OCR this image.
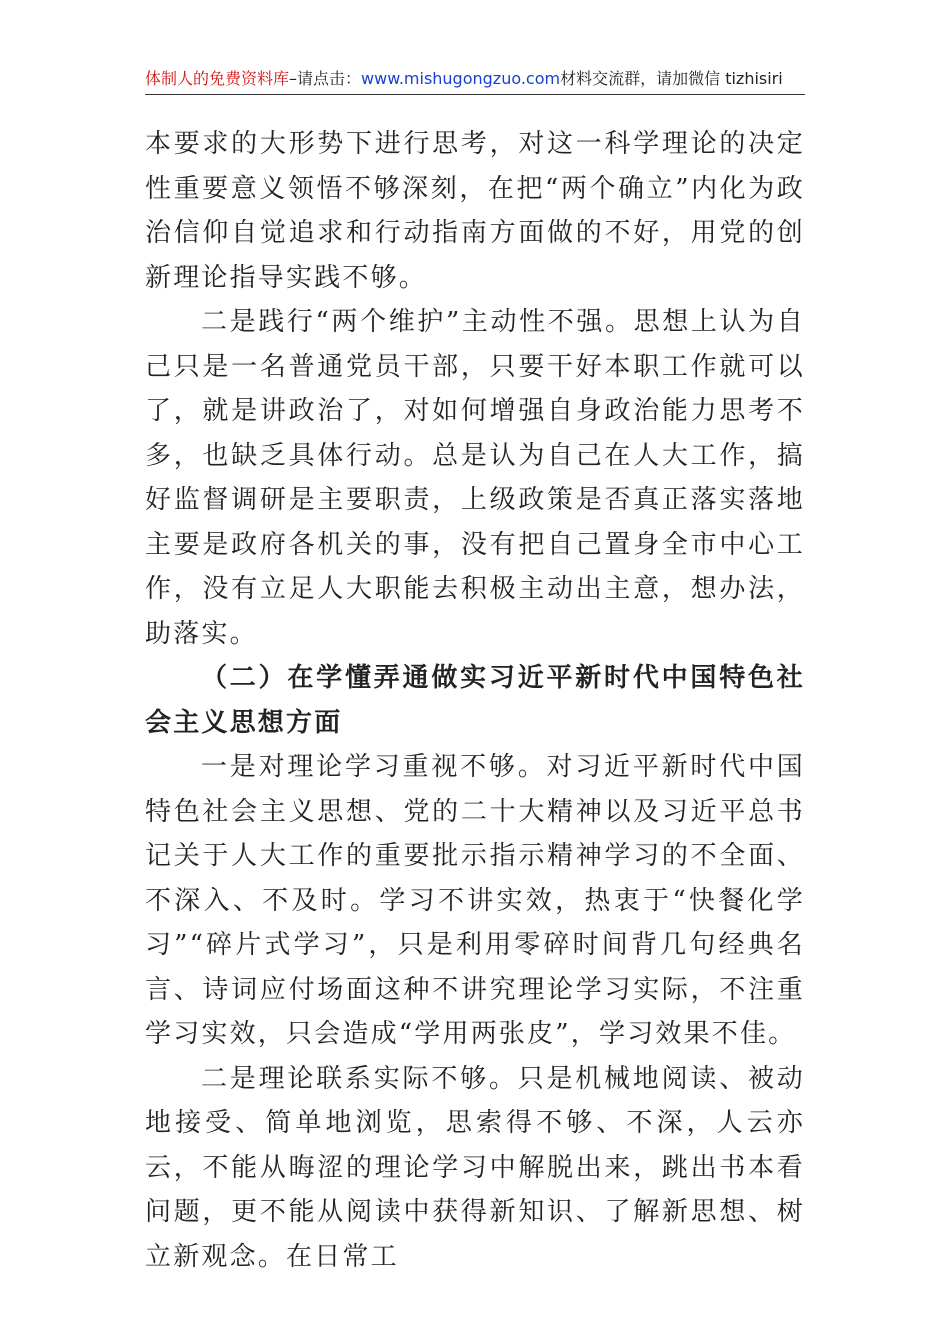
体制人的免费资料库–请点击：www.mishugongzuo.com材料交流群，请加微信 tizhisiri

本要求的大形势下进行思考，对这一科学理论的决定性重要意义领悟不够深刻，在把“两个确立”内化为政治信仰自觉追求和行动指南方面做的不好，用党的创新理论指导实践不够。

二是践行“两个维护”主动性不强。思想上认为自己只是一名普通党员干部，只要干好本职工作就可以了，就是讲政治了，对如何增强自身政治能力思考不多，也缺乏具体行动。总是认为自己在人大工作，搞好监督调研是主要职责，上级政策是否真正落实落地主要是政府各机关的事，没有把自己置身全市中心工作，没有立足人大职能去积极主动出主意，想办法，助落实。

（二）在学懂弄通做实习近平新时代中国特色社会主义思想方面

一是对理论学习重视不够。对习近平新时代中国特色社会主义思想、党的二十大精神以及习近平总书记关于人大工作的重要批示指示精神学习的不全面、不深入、不及时。学习不讲实效，热衷于“快餐化学习”“碎片式学习”，只是利用零碎时间背几句经典名言、诗词应付场面这种不讲究理论学习实际，不注重学习实效，只会造成“学用两张皮”，学习效果不佳。

二是理论联系实际不够。只是机械地阅读、被动地接受、简单地浏览，思索得不够、不深，人云亦云，不能从晦涩的理论学习中解脱出来，跳出书本看问题，更不能从阅读中获得新知识、了解新思想、树立新观念。在日常工
